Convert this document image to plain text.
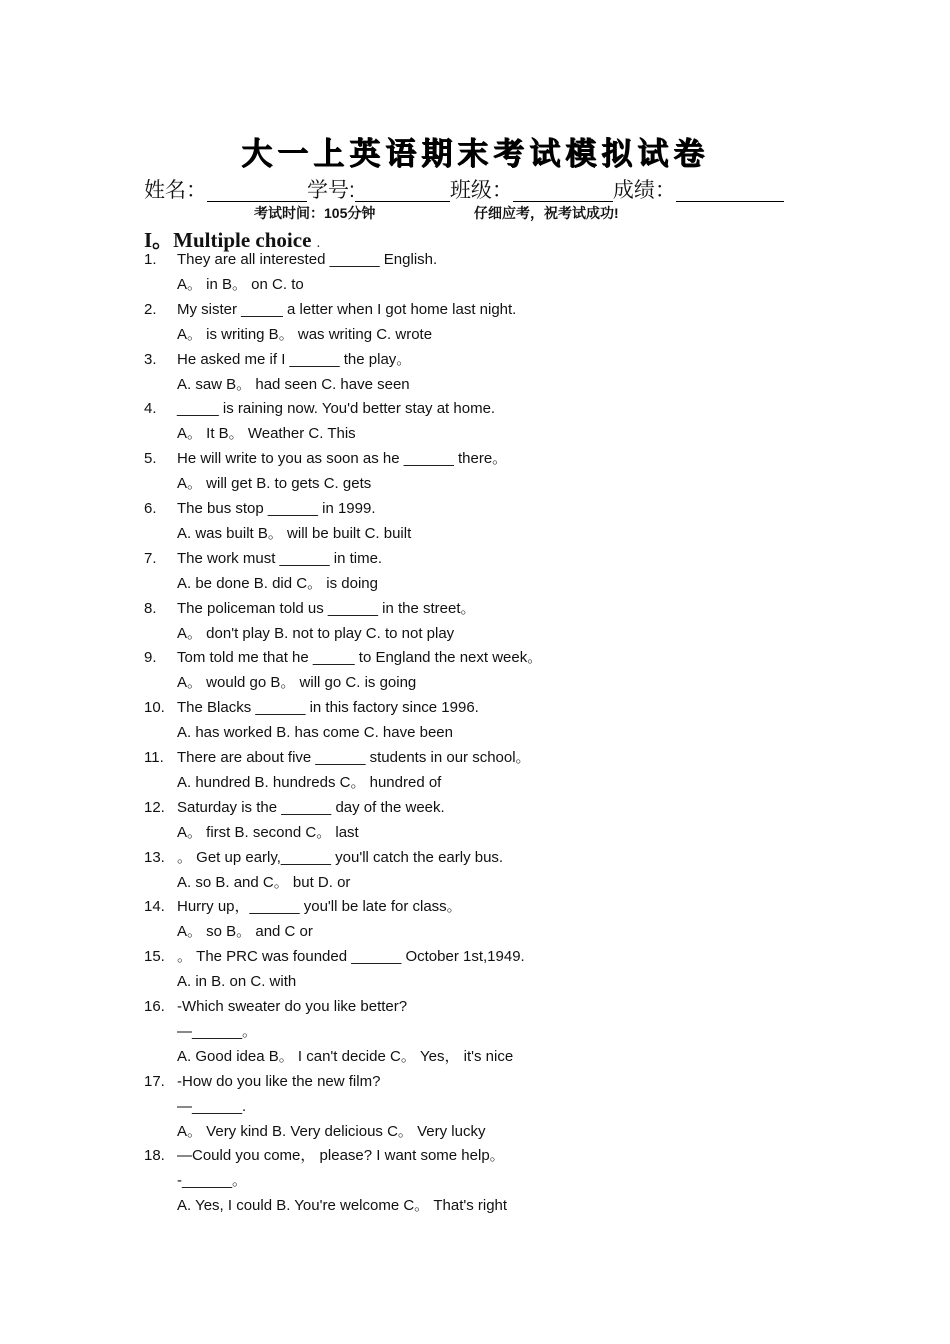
大一上英语期末考试模拟试卷
姓名：	学号:	班级：	成绩：
考试时间：105分钟	仔细应考，祝考试成功!
I。Multiple choice .
1. They are all interested ______ English.
A。 in B。 on C. to
2. My sister _____ a letter when I got home last night.
A。 is writing B。 was writing C. wrote
3. He asked me if I ______ the play。
A. saw B。 had seen C. have seen
4. _____ is raining now. You'd better stay at home.
A。 It B。 Weather C. This
5. He will write to you as soon as he ______ there。
A。 will get B. to gets C. gets
6. The bus stop ______ in 1999.
A. was built B。 will be built C. built
7. The work must ______ in time.
A. be done B. did C。 is doing
8. The policeman told us ______ in the street。
A。 don't play B. not to play C. to not play
9. Tom told me that he _____ to England the next week。
A。 would go B。 will go C. is going
10. The Blacks ______ in this factory since 1996.
A. has worked B. has come C. have been
11. There are about five ______ students in our school。
A. hundred B. hundreds C。 hundred of
12. Saturday is the ______ day of the week.
A。 first B. second C。 last
13. 。 Get up early,______ you'll catch the early bus.
A. so B. and C。 but D. or
14. Hurry up，______ you'll be late for class。
A。 so B。 and C or
15. 。 The PRC was founded ______ October 1st,1949.
A. in B. on C. with
16. -Which sweater do you like better?
—______。
A. Good idea B。 I can't decide C。 Yes， it's nice
17. -How do you like the new film?
—______.
A。 Very kind B. Very delicious C。 Very lucky
18. —Could you come， please? I want some help。
-______。
A. Yes, I could B. You're welcome C。 That's right
